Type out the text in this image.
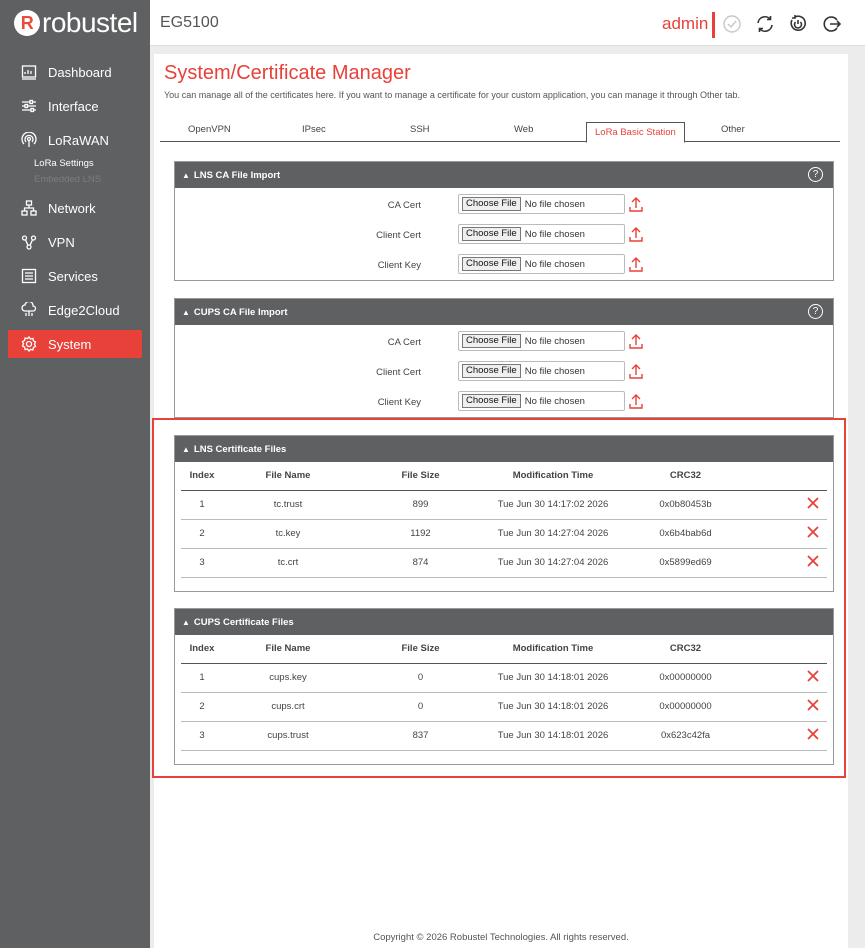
R robustel
Dashboard
Interface
LoRaWAN
LoRa Settings
Embedded LNS
Network
VPN
Services
Edge2Cloud
System
EG5100	admin
System/Certificate Manager
You can manage all of the certificates here. If you want to manage a certificate for your custom application, you can manage it through Other tab.
OpenVPN	IPsec	SSH	Web	LoRa Basic Station	Other
▲ LNS CA File Import	?
CA Cert	Choose File No file chosen
Client Cert	Choose File No file chosen
Client Key	Choose File No file chosen
▲ CUPS CA File Import	?
CA Cert	Choose File No file chosen
Client Cert	Choose File No file chosen
Client Key	Choose File No file chosen
▲ LNS Certificate Files
Index	File Name	File Size	Modification Time	CRC32	
1	tc.trust	899	Tue Jun 30 14:17:02 2026	0x0b80453b	
2	tc.key	1192	Tue Jun 30 14:27:04 2026	0x6b4bab6d	
3	tc.crt	874	Tue Jun 30 14:27:04 2026	0x5899ed69	
▲ CUPS Certificate Files
Index	File Name	File Size	Modification Time	CRC32	
1	cups.key	0	Tue Jun 30 14:18:01 2026	0x00000000	
2	cups.crt	0	Tue Jun 30 14:18:01 2026	0x00000000	
3	cups.trust	837	Tue Jun 30 14:18:01 2026	0x623c42fa	
Copyright © 2026 Robustel Technologies. All rights reserved.
